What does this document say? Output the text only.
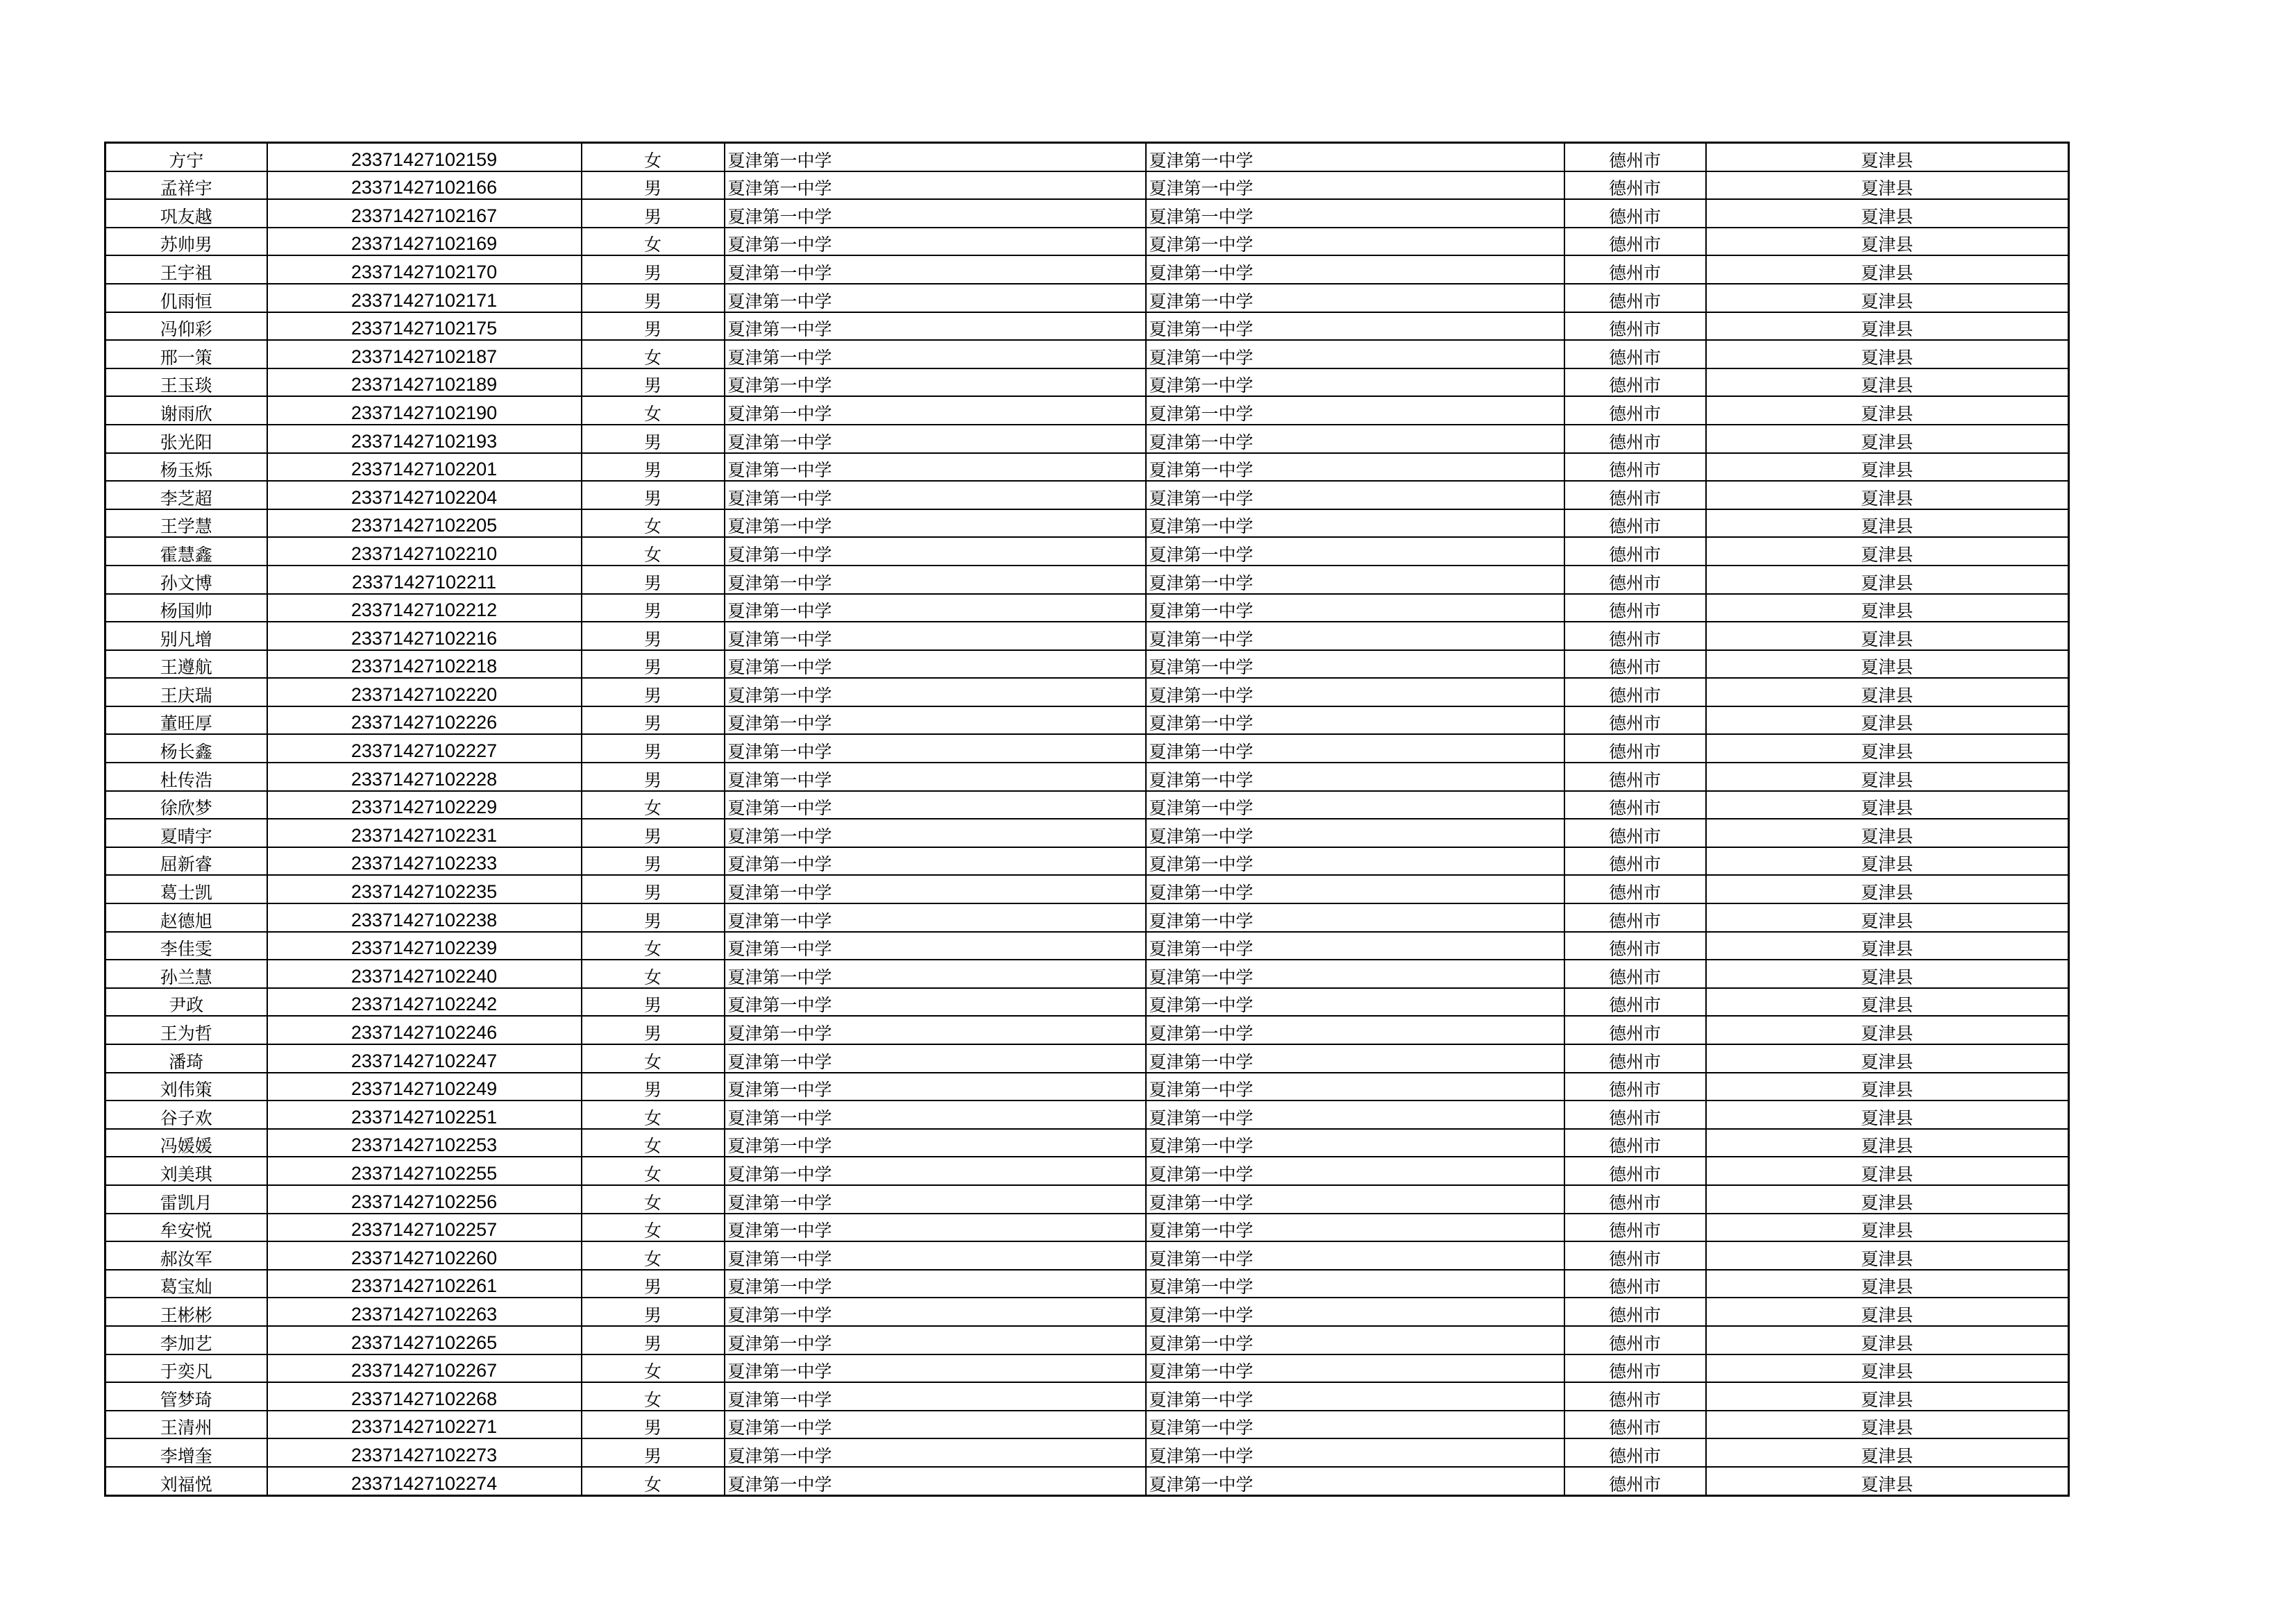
方宁	23371427102159	女	夏津第一中学	夏津第一中学	德州市	夏津县
孟祥宇	23371427102166	男	夏津第一中学	夏津第一中学	德州市	夏津县
巩友越	23371427102167	男	夏津第一中学	夏津第一中学	德州市	夏津县
苏帅男	23371427102169	女	夏津第一中学	夏津第一中学	德州市	夏津县
王宇祖	23371427102170	男	夏津第一中学	夏津第一中学	德州市	夏津县
仉雨恒	23371427102171	男	夏津第一中学	夏津第一中学	德州市	夏津县
冯仰彩	23371427102175	男	夏津第一中学	夏津第一中学	德州市	夏津县
邢一策	23371427102187	女	夏津第一中学	夏津第一中学	德州市	夏津县
王玉琰	23371427102189	男	夏津第一中学	夏津第一中学	德州市	夏津县
谢雨欣	23371427102190	女	夏津第一中学	夏津第一中学	德州市	夏津县
张光阳	23371427102193	男	夏津第一中学	夏津第一中学	德州市	夏津县
杨玉烁	23371427102201	男	夏津第一中学	夏津第一中学	德州市	夏津县
李芝超	23371427102204	男	夏津第一中学	夏津第一中学	德州市	夏津县
王学慧	23371427102205	女	夏津第一中学	夏津第一中学	德州市	夏津县
霍慧鑫	23371427102210	女	夏津第一中学	夏津第一中学	德州市	夏津县
孙文博	23371427102211	男	夏津第一中学	夏津第一中学	德州市	夏津县
杨国帅	23371427102212	男	夏津第一中学	夏津第一中学	德州市	夏津县
别凡增	23371427102216	男	夏津第一中学	夏津第一中学	德州市	夏津县
王遵航	23371427102218	男	夏津第一中学	夏津第一中学	德州市	夏津县
王庆瑞	23371427102220	男	夏津第一中学	夏津第一中学	德州市	夏津县
董旺厚	23371427102226	男	夏津第一中学	夏津第一中学	德州市	夏津县
杨长鑫	23371427102227	男	夏津第一中学	夏津第一中学	德州市	夏津县
杜传浩	23371427102228	男	夏津第一中学	夏津第一中学	德州市	夏津县
徐欣梦	23371427102229	女	夏津第一中学	夏津第一中学	德州市	夏津县
夏晴宇	23371427102231	男	夏津第一中学	夏津第一中学	德州市	夏津县
屈新睿	23371427102233	男	夏津第一中学	夏津第一中学	德州市	夏津县
葛士凯	23371427102235	男	夏津第一中学	夏津第一中学	德州市	夏津县
赵德旭	23371427102238	男	夏津第一中学	夏津第一中学	德州市	夏津县
李佳雯	23371427102239	女	夏津第一中学	夏津第一中学	德州市	夏津县
孙兰慧	23371427102240	女	夏津第一中学	夏津第一中学	德州市	夏津县
尹政	23371427102242	男	夏津第一中学	夏津第一中学	德州市	夏津县
王为哲	23371427102246	男	夏津第一中学	夏津第一中学	德州市	夏津县
潘琦	23371427102247	女	夏津第一中学	夏津第一中学	德州市	夏津县
刘伟策	23371427102249	男	夏津第一中学	夏津第一中学	德州市	夏津县
谷子欢	23371427102251	女	夏津第一中学	夏津第一中学	德州市	夏津县
冯媛媛	23371427102253	女	夏津第一中学	夏津第一中学	德州市	夏津县
刘美琪	23371427102255	女	夏津第一中学	夏津第一中学	德州市	夏津县
雷凯月	23371427102256	女	夏津第一中学	夏津第一中学	德州市	夏津县
牟安悦	23371427102257	女	夏津第一中学	夏津第一中学	德州市	夏津县
郝汝军	23371427102260	女	夏津第一中学	夏津第一中学	德州市	夏津县
葛宝灿	23371427102261	男	夏津第一中学	夏津第一中学	德州市	夏津县
王彬彬	23371427102263	男	夏津第一中学	夏津第一中学	德州市	夏津县
李加艺	23371427102265	男	夏津第一中学	夏津第一中学	德州市	夏津县
于奕凡	23371427102267	女	夏津第一中学	夏津第一中学	德州市	夏津县
管梦琦	23371427102268	女	夏津第一中学	夏津第一中学	德州市	夏津县
王清州	23371427102271	男	夏津第一中学	夏津第一中学	德州市	夏津县
李增奎	23371427102273	男	夏津第一中学	夏津第一中学	德州市	夏津县
刘福悦	23371427102274	女	夏津第一中学	夏津第一中学	德州市	夏津县
